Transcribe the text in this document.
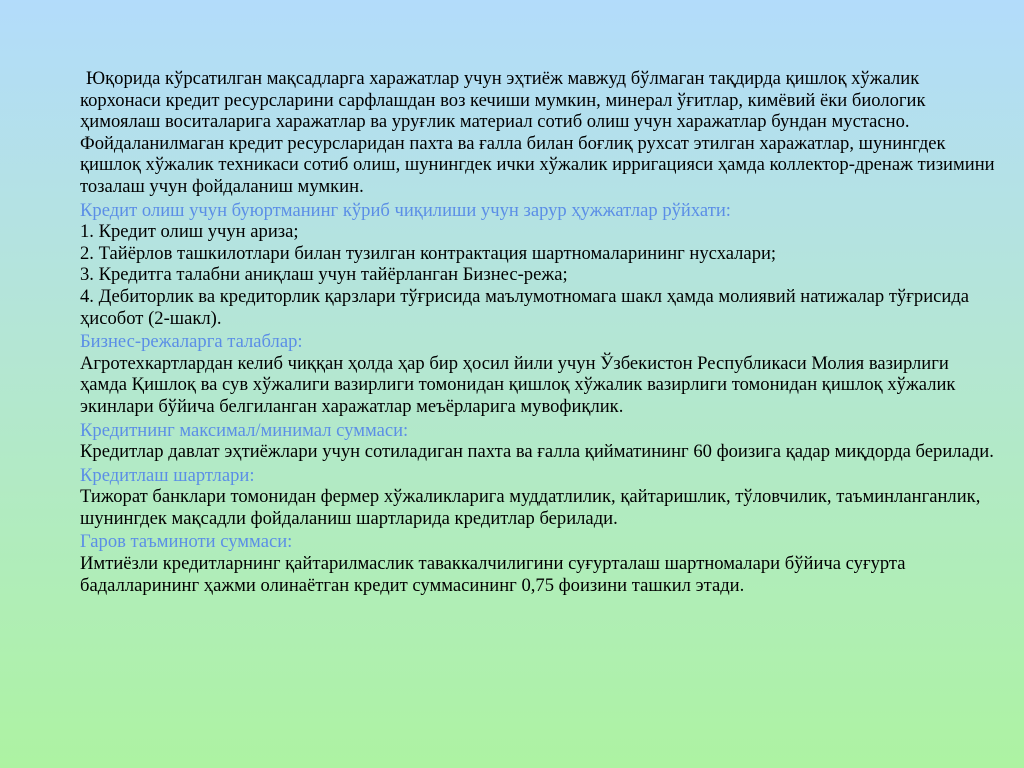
Юқорида кўрсатилган мақсадларга харажатлар учун эҳтиёж мавжуд бўлмаган тақдирда қишлоқ хўжалик корхонаси кредит ресурсларини сарфлашдан воз кечиши мумкин, минерал ўғитлар, кимёвий ёки биологик ҳимоялаш воситаларига харажатлар ва уруғлик материал сотиб олиш учун харажатлар бундан мустасно. Фойдаланилмаган кредит ресурсларидан пахта ва ғалла билан боғлиқ рухсат этилган харажатлар, шунингдек қишлоқ хўжалик техникаси сотиб олиш, шунингдек ички хўжалик ирригацияси ҳамда коллектор-дренаж тизимини тозалаш учун фойдаланиш мумкин.

Кредит олиш учун буюртманинг кўриб чиқилиши учун зарур ҳужжатлар рўйхати:
1. Кредит олиш учун ариза;
2. Тайёрлов ташкилотлари билан тузилган контрактация шартномаларининг нусхалари;
3. Кредитга талабни аниқлаш учун тайёрланган Бизнес-режа;
4. Дебиторлик ва кредиторлик қарзлари тўғрисида маълумотномага шакл ҳамда молиявий натижалар тўғрисида ҳисобот (2-шакл).
Бизнес-режаларга талаблар:
Агротехкартлардан келиб чиққан ҳолда ҳар бир ҳосил йили учун Ўзбекистон Республикаси Молия вазирлиги ҳамда Қишлоқ ва сув хўжалиги вазирлиги томонидан қишлоқ хўжалик вазирлиги томонидан қишлоқ хўжалик экинлари бўйича белгиланган харажатлар меъёрларига мувофиқлик.
Кредитнинг максимал/минимал суммаси:
Кредитлар давлат эҳтиёжлари учун сотиладиган пахта ва ғалла қийматининг 60 фоизига қадар миқдорда берилади.
Кредитлаш шартлари:
Тижорат банклари томонидан фермер хўжаликларига муддатлилик, қайтаришлик, тўловчилик, таъминланганлик, шунингдек мақсадли фойдаланиш шартларида кредитлар берилади.
Гаров таъминоти суммаси:
Имтиёзли кредитларнинг қайтарилмаслик таваккалчилигини суғурталаш шартномалари бўйича суғурта бадалларининг ҳажми олинаётган кредит суммасининг 0,75 фоизини ташкил этади.
